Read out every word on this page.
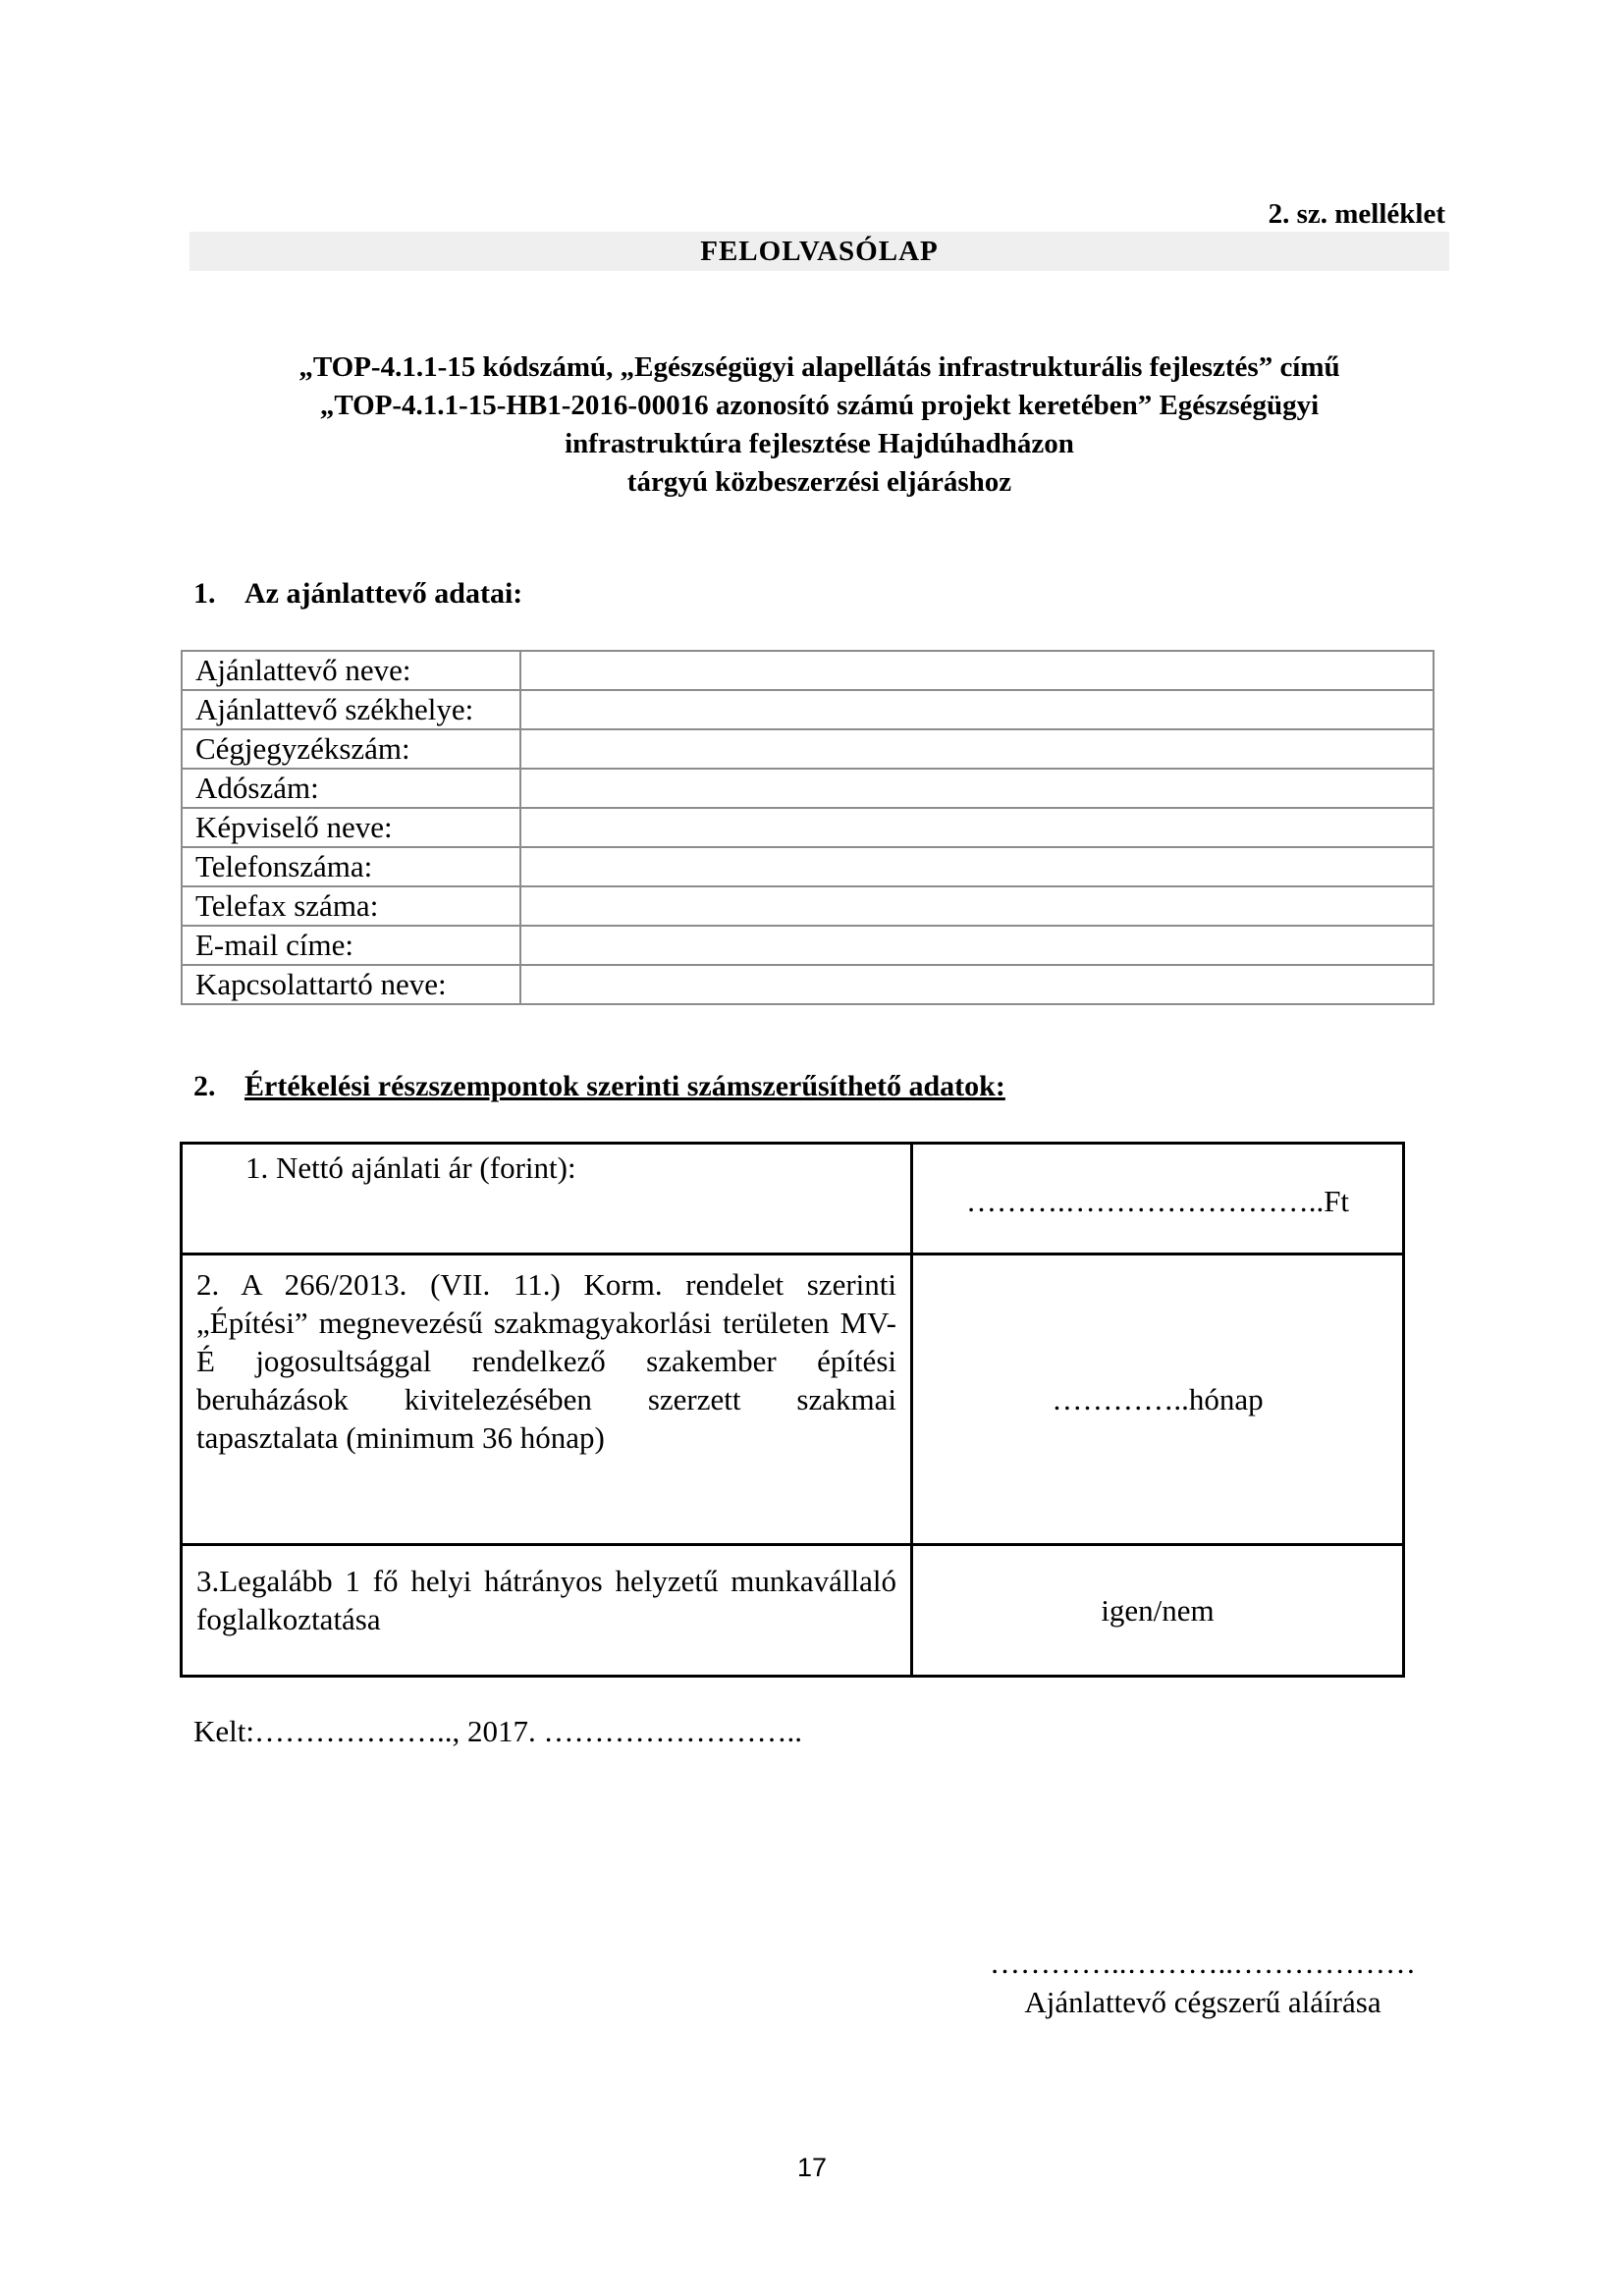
2. sz. melléklet
FELOLVASÓLAP
„TOP-4.1.1-15 kódszámú, „Egészségügyi alapellátás infrastrukturális fejlesztés” című
„TOP-4.1.1-15-HB1-2016-00016 azonosító számú projekt keretében” Egészségügyi
infrastruktúra fejlesztése Hajdúhadházon
tárgyú közbeszerzési eljáráshoz
1. Az ajánlattevő adatai:
Ajánlattevő neve:	
Ajánlattevő székhelye:	
Cégjegyzékszám:	
Adószám:	
Képviselő neve:	
Telefonszáma:	
Telefax száma:	
E-mail címe:	
Kapcsolattartó neve:	
2. Értékelési részszempontok szerinti számszerűsíthető adatok:
1. Nettó ajánlati ár (forint):	……….……………………..Ft
2. A 266/2013. (VII. 11.) Korm. rendelet szerinti „Építési” megnevezésű szakmagyakorlási területen MV-É jogosultsággal rendelkező szakember építési beruházások kivitelezésében szerzett szakmai tapasztalata (minimum 36 hónap)	…………..hónap
3.Legalább 1 fő helyi hátrányos helyzetű munkavállaló foglalkoztatása	igen/nem
Kelt:……………….., 2017. ……………………..
…………..………..………………
Ajánlattevő cégszerű aláírása
17
